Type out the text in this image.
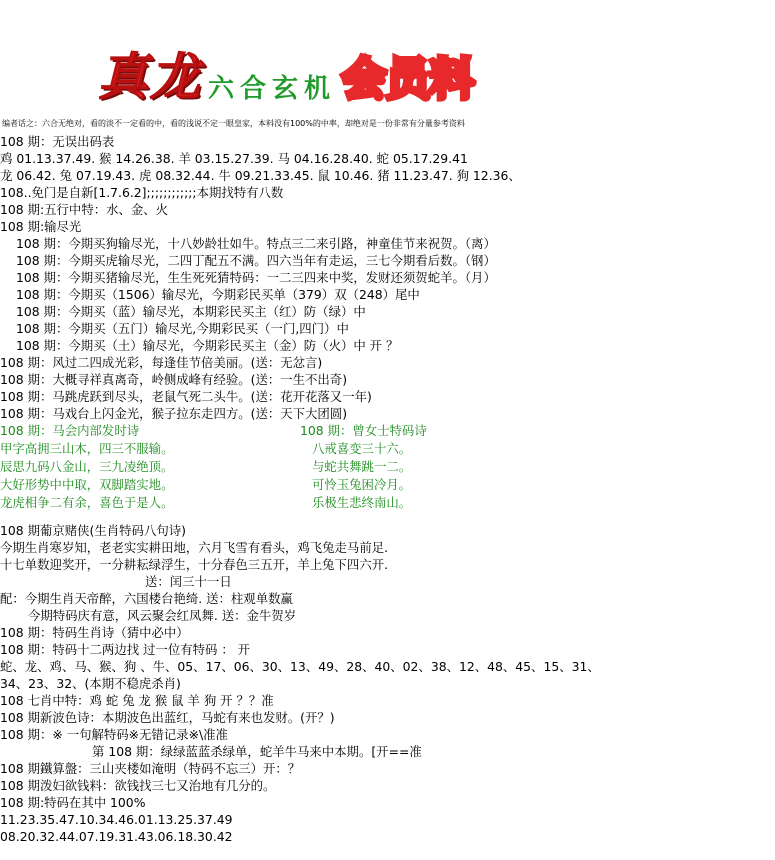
真龙 六合玄机 会员料
编者话之：六合无绝对，看的淡不一定看的中，看的浅说不定一眼皇家，本料没有100%的中率，却绝对是一份非常有分量参考资料
108 期：无误出码表
鸡 01.13.37.49. 猴 14.26.38. 羊 03.15.27.39. 马 04.16.28.40. 蛇 05.17.29.41
龙 06.42. 兔 07.19.43. 虎 08.32.44. 牛 09.21.33.45. 鼠 10.46. 猪 11.23.47. 狗 12.36、
108..免门是自新[1.7.6.2];;;;;;;;;;;;本期找特有八数
108 期:五行中特：水、金、火
108 期:输尽光
108 期：今期买狗输尽光，十八妙龄壮如牛。特点三二来引路，神童佳节来祝贺。（离）
108 期：今期买虎输尽光，二四丁配五不满。四六当年有走运，三七今期看后数。（钢）
108 期：今期买猪输尽光，生生死死猜特码：一二三四来中奖，发财还须贺蛇羊。（月）
108 期：今期买（1506）输尽光，今期彩民买单（379）双（248）尾中
108 期：今期买（蓝）输尽光，本期彩民买主（红）防（绿）中
108 期：今期买（五门）输尽光,今期彩民买（一门,四门）中
108 期：今期买（土）输尽光，今期彩民买主（金）防（火）中 开 ？
108 期：风过二四成光彩，每逢佳节倍美丽。(送：无忿言)
108 期：大概寻祥真离奇，岭侧成峰有经验。(送：一生不出奇)
108 期：马跳虎跃到尽头，老鼠气死二头牛。(送：花开花落又一年)
108 期：马戏台上闪金光，猴子拉东走四方。(送：天下大团圆)
108 期：马会内部发时诗	108 期：曾女士特码诗
甲字高拥三山木，四三不服输。	八戒喜变三十六。
辰思九码八金山，三九凌绝顶。	与蛇共舞跳一二。
大好形势中中取，双脚踏实地。	可怜玉兔困冷月。
龙虎相争二有余，喜色于是人。	乐极生悲终南山。
108 期葡京赌侠(生肖特码八句诗)
今期生肖寒岁知，老老实实耕田地，六月飞雪有看头，鸡飞兔走马前足.
十七单数迎奖开，一分耕耘绿浮生，十分春色三五开，羊上兔下四六开.
送：闰三十一日
配：今期生肖天帝醉，六国楼台艳绮. 送：柱观单数赢
今期特码庆有意，风云聚会红凤舞. 送：金牛贺岁
108 期：特码生肖诗（猜中必中）
108 期：特码十二两边找 过一位有特码 ： 开
蛇、龙、鸡、马、猴、狗 、牛、05、17、06、30、13、49、28、40、02、38、12、48、45、15、31、
34、23、32、(本期不稳虎杀肖)
108 七肖中特：鸡 蛇 兔 龙 猴 鼠 羊 狗 开 ？？准
108 期新波色诗：本期波色出蓝红，马蛇有来也发财。(开？)
108 期：※ 一句解特码※无错记录※\准准
第 108 期：绿绿蓝蓝杀绿单，蛇羊牛马来中本期。[开==准
108 期鐵算盤：三山夹楼如淹明（特码不忘三）开：？
108 期泼妇欲钱料：欲钱找三七又治地有几分的。
108 期:特码在其中 100%
11.23.35.47.10.34.46.01.13.25.37.49
08.20.32.44.07.19.31.43.06.18.30.42
